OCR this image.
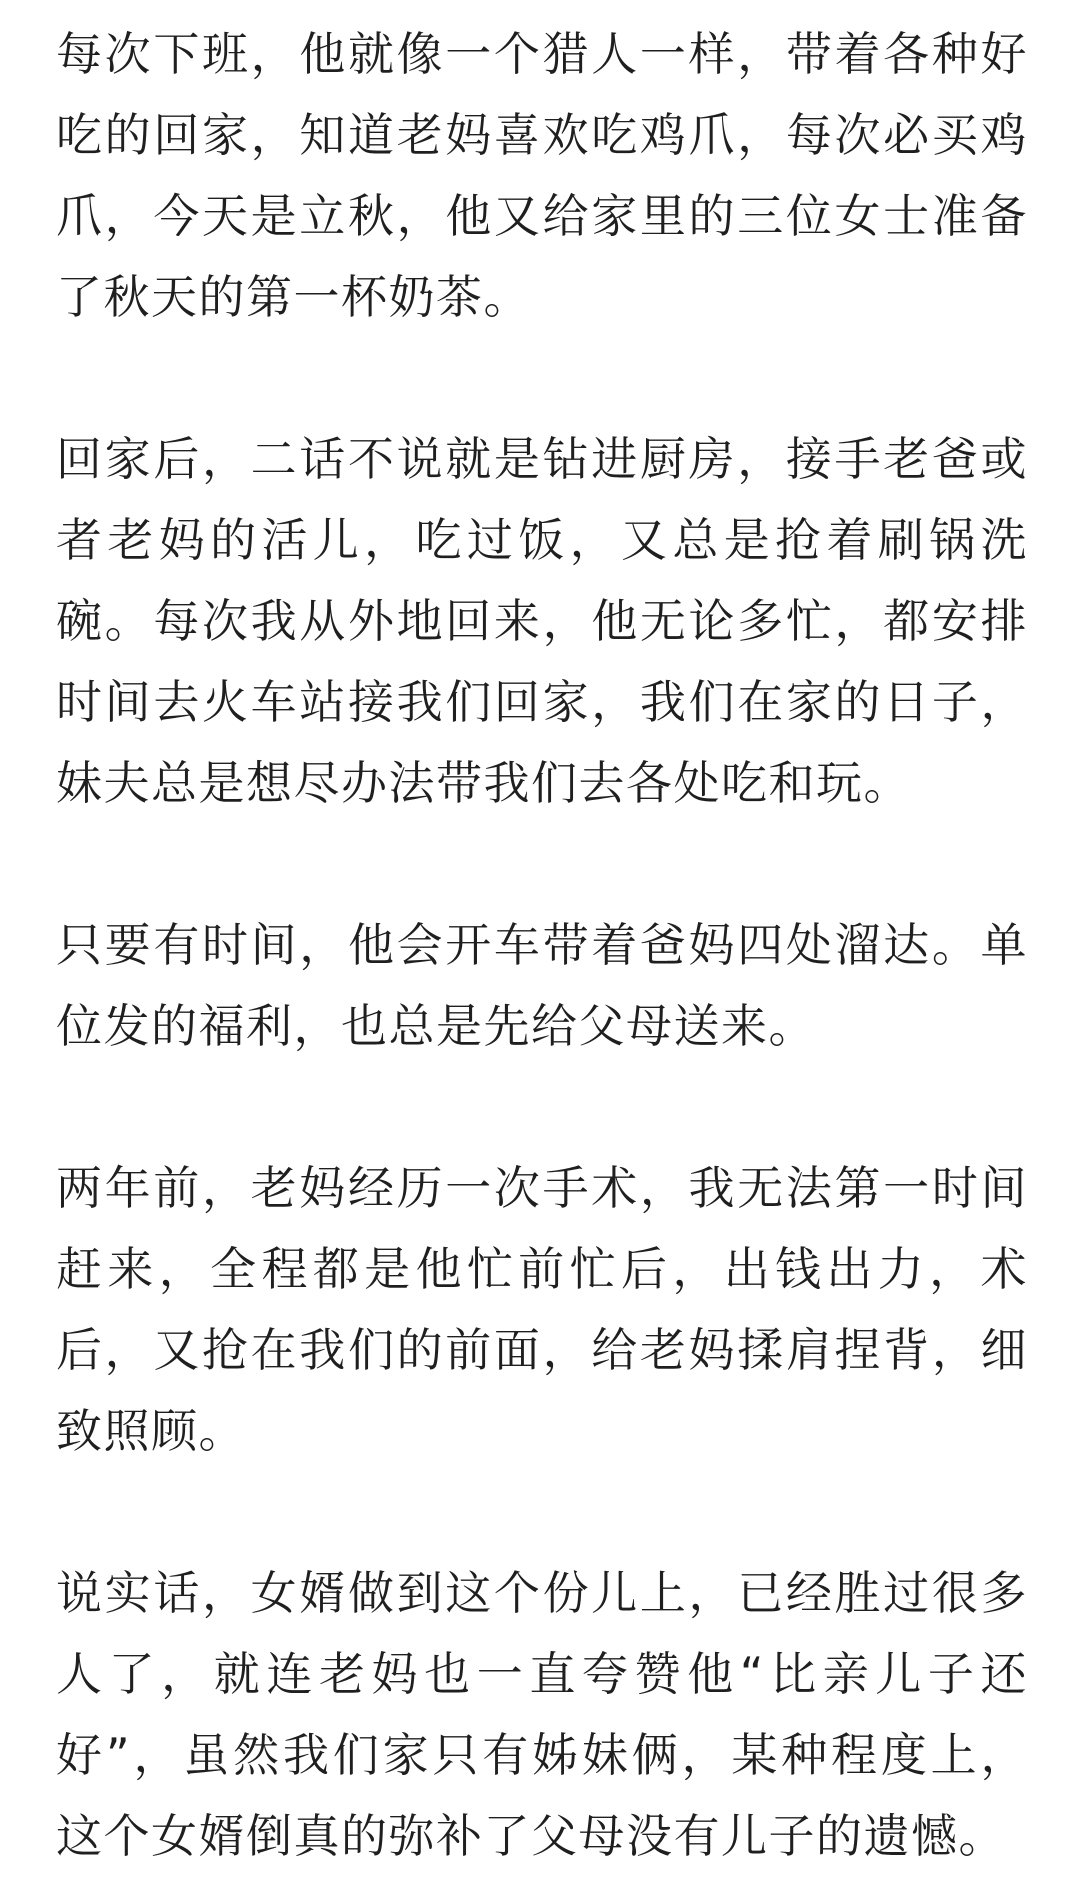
每次下班，他就像一个猎人一样，带着各种好吃的回家，知道老妈喜欢吃鸡爪，每次必买鸡爪，今天是立秋，他又给家里的三位女士准备了秋天的第一杯奶茶。

回家后，二话不说就是钻进厨房，接手老爸或者老妈的活儿，吃过饭，又总是抢着刷锅洗碗。每次我从外地回来，他无论多忙，都安排时间去火车站接我们回家，我们在家的日子，妹夫总是想尽办法带我们去各处吃和玩。

只要有时间，他会开车带着爸妈四处溜达。单位发的福利，也总是先给父母送来。

两年前，老妈经历一次手术，我无法第一时间赶来，全程都是他忙前忙后，出钱出力，术后，又抢在我们的前面，给老妈揉肩捏背，细致照顾。

说实话，女婿做到这个份儿上，已经胜过很多人了，就连老妈也一直夸赞他“比亲儿子还好”，虽然我们家只有姊妹俩，某种程度上，这个女婿倒真的弥补了父母没有儿子的遗憾。
